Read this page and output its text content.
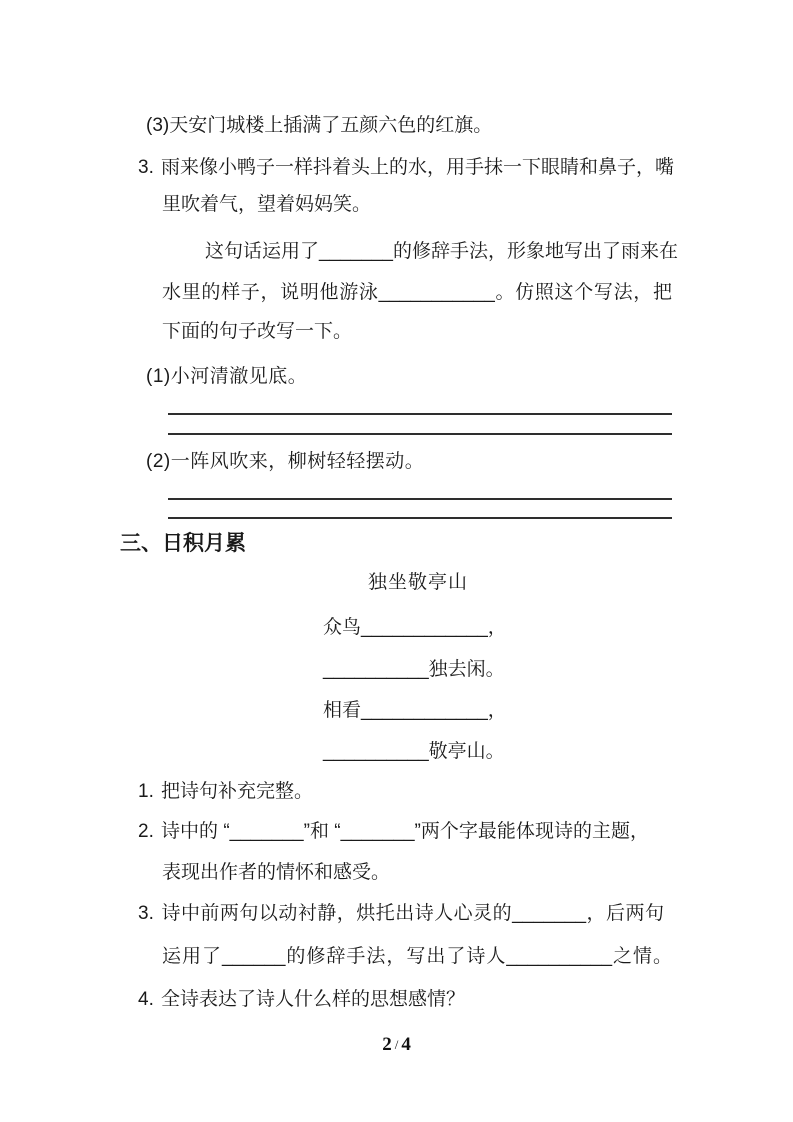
(3)天安门城楼上插满了五颜六色的红旗。
3. 雨来像小鸭子一样抖着头上的水，用手抹一下眼睛和鼻子，嘴
里吹着气，望着妈妈笑。
这句话运用了_______的修辞手法，形象地写出了雨来在
水里的样子，说明他游泳___________。仿照这个写法，把
下面的句子改写一下。
(1)小河清澈见底。
(2)一阵风吹来，柳树轻轻摆动。
三、日积月累
独坐敬亭山
众鸟____________，
__________独去闲。
相看____________，
__________敬亭山。
1. 把诗句补充完整。
2. 诗中的 “_______”和 “_______”两个字最能体现诗的主题，
表现出作者的情怀和感受。
3. 诗中前两句以动衬静，烘托出诗人心灵的_______，后两句
运用了______的修辞手法，写出了诗人__________之情。
4. 全诗表达了诗人什么样的思想感情？
2 / 4
